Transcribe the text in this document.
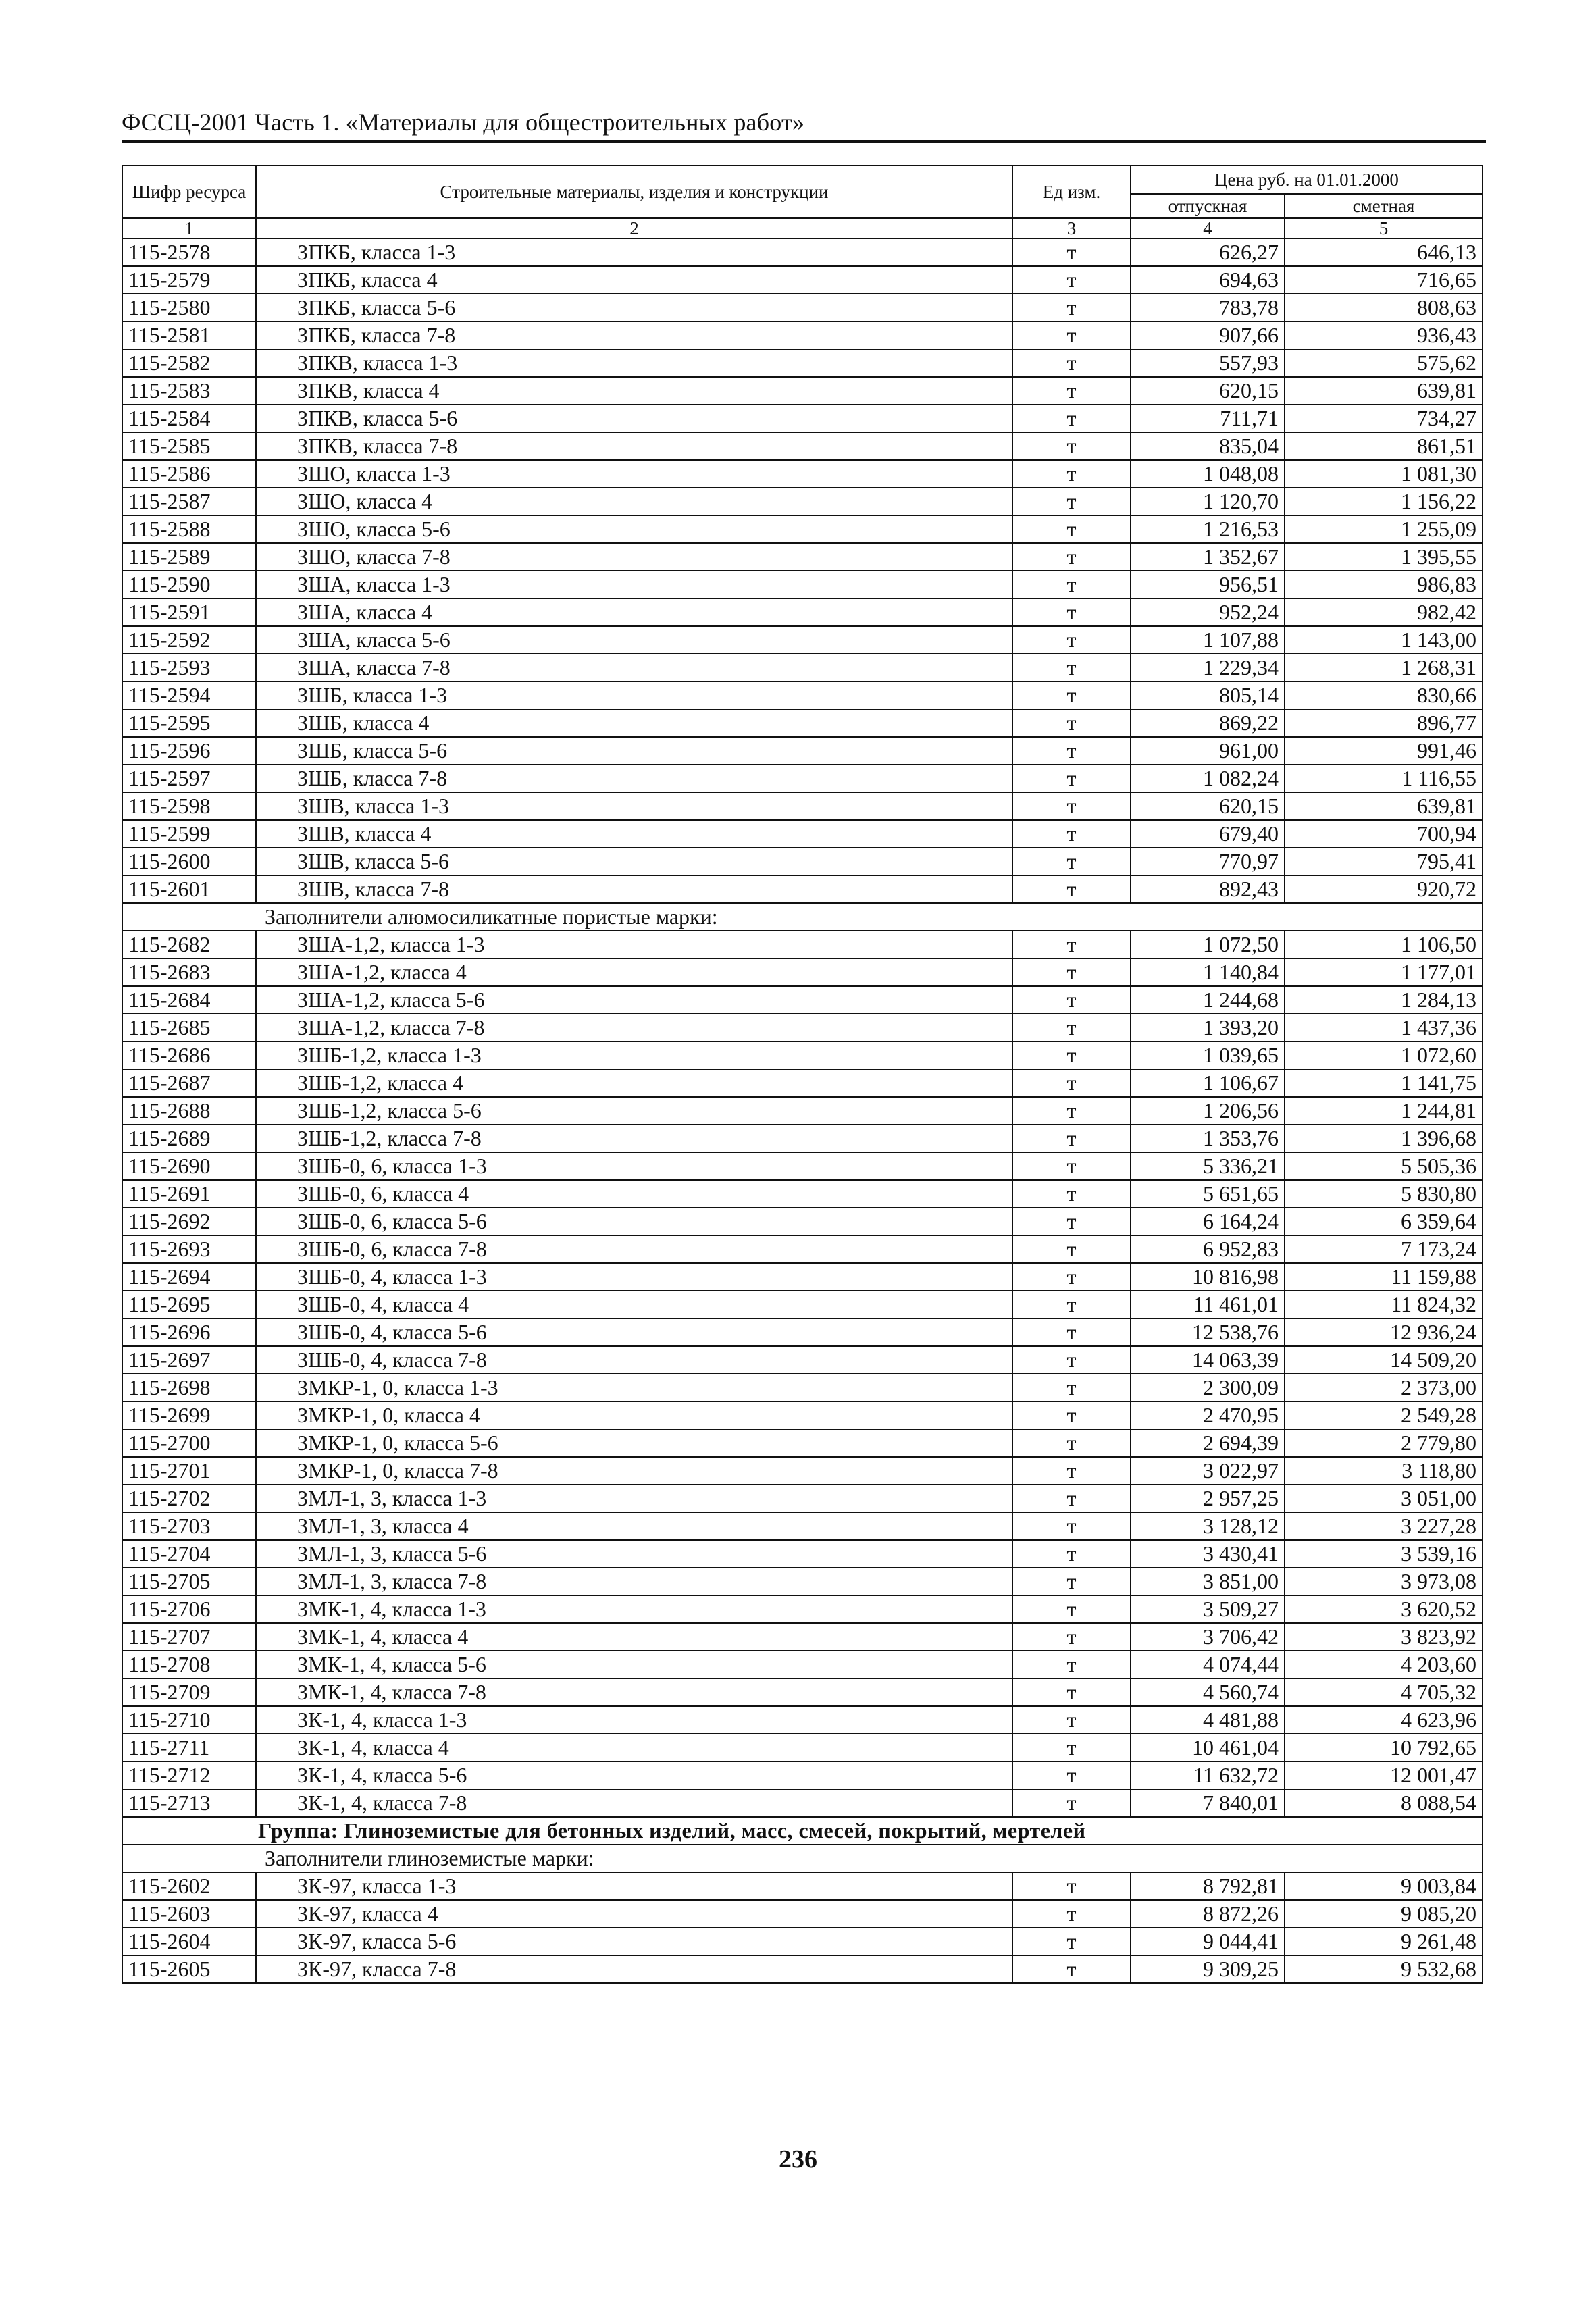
ФССЦ-2001 Часть 1. «Материалы для общестроительных работ»
Шифр ресурса	Строительные материалы, изделия и конструкции	Ед изм.	Цена руб. на 01.01.2000	
			отпускная	сметная
1	2	3	4	5
115-2578	ЗПКБ, класса 1-3	т	626,27	646,13
115-2579	ЗПКБ, класса 4	т	694,63	716,65
115-2580	ЗПКБ, класса 5-6	т	783,78	808,63
115-2581	ЗПКБ, класса 7-8	т	907,66	936,43
115-2582	ЗПКВ, класса 1-3	т	557,93	575,62
115-2583	ЗПКВ, класса 4	т	620,15	639,81
115-2584	ЗПКВ, класса 5-6	т	711,71	734,27
115-2585	ЗПКВ, класса 7-8	т	835,04	861,51
115-2586	ЗШО, класса 1-3	т	1 048,08	1 081,30
115-2587	ЗШО, класса 4	т	1 120,70	1 156,22
115-2588	ЗШО, класса 5-6	т	1 216,53	1 255,09
115-2589	ЗШО, класса 7-8	т	1 352,67	1 395,55
115-2590	ЗША, класса 1-3	т	956,51	986,83
115-2591	ЗША, класса 4	т	952,24	982,42
115-2592	ЗША, класса 5-6	т	1 107,88	1 143,00
115-2593	ЗША, класса 7-8	т	1 229,34	1 268,31
115-2594	ЗШБ, класса 1-3	т	805,14	830,66
115-2595	ЗШБ, класса 4	т	869,22	896,77
115-2596	ЗШБ, класса 5-6	т	961,00	991,46
115-2597	ЗШБ, класса 7-8	т	1 082,24	1 116,55
115-2598	ЗШВ, класса 1-3	т	620,15	639,81
115-2599	ЗШВ, класса 4	т	679,40	700,94
115-2600	ЗШВ, класса 5-6	т	770,97	795,41
115-2601	ЗШВ, класса 7-8	т	892,43	920,72
Заполнители алюмосиликатные пористые марки:				
115-2682	ЗША-1,2, класса 1-3	т	1 072,50	1 106,50
115-2683	ЗША-1,2, класса 4	т	1 140,84	1 177,01
115-2684	ЗША-1,2, класса 5-6	т	1 244,68	1 284,13
115-2685	ЗША-1,2, класса 7-8	т	1 393,20	1 437,36
115-2686	ЗШБ-1,2, класса 1-3	т	1 039,65	1 072,60
115-2687	ЗШБ-1,2, класса 4	т	1 106,67	1 141,75
115-2688	ЗШБ-1,2, класса 5-6	т	1 206,56	1 244,81
115-2689	ЗШБ-1,2, класса 7-8	т	1 353,76	1 396,68
115-2690	ЗШБ-0, 6, класса 1-3	т	5 336,21	5 505,36
115-2691	ЗШБ-0, 6, класса 4	т	5 651,65	5 830,80
115-2692	ЗШБ-0, 6, класса 5-6	т	6 164,24	6 359,64
115-2693	ЗШБ-0, 6, класса 7-8	т	6 952,83	7 173,24
115-2694	ЗШБ-0, 4, класса 1-3	т	10 816,98	11 159,88
115-2695	ЗШБ-0, 4, класса 4	т	11 461,01	11 824,32
115-2696	ЗШБ-0, 4, класса 5-6	т	12 538,76	12 936,24
115-2697	ЗШБ-0, 4, класса 7-8	т	14 063,39	14 509,20
115-2698	ЗМКР-1, 0, класса 1-3	т	2 300,09	2 373,00
115-2699	ЗМКР-1, 0, класса 4	т	2 470,95	2 549,28
115-2700	ЗМКР-1, 0, класса 5-6	т	2 694,39	2 779,80
115-2701	ЗМКР-1, 0, класса 7-8	т	3 022,97	3 118,80
115-2702	ЗМЛ-1, 3, класса 1-3	т	2 957,25	3 051,00
115-2703	ЗМЛ-1, 3, класса 4	т	3 128,12	3 227,28
115-2704	ЗМЛ-1, 3, класса 5-6	т	3 430,41	3 539,16
115-2705	ЗМЛ-1, 3, класса 7-8	т	3 851,00	3 973,08
115-2706	ЗМК-1, 4, класса 1-3	т	3 509,27	3 620,52
115-2707	ЗМК-1, 4, класса 4	т	3 706,42	3 823,92
115-2708	ЗМК-1, 4, класса 5-6	т	4 074,44	4 203,60
115-2709	ЗМК-1, 4, класса 7-8	т	4 560,74	4 705,32
115-2710	ЗК-1, 4, класса 1-3	т	4 481,88	4 623,96
115-2711	ЗК-1, 4, класса 4	т	10 461,04	10 792,65
115-2712	ЗК-1, 4, класса 5-6	т	11 632,72	12 001,47
115-2713	ЗК-1, 4, класса 7-8	т	7 840,01	8 088,54
Группа: Глиноземистые для бетонных изделий, масс, смесей, покрытий, мертелей				
Заполнители глиноземистые марки:				
115-2602	ЗК-97, класса 1-3	т	8 792,81	9 003,84
115-2603	ЗК-97, класса 4	т	8 872,26	9 085,20
115-2604	ЗК-97, класса 5-6	т	9 044,41	9 261,48
115-2605	ЗК-97, класса 7-8	т	9 309,25	9 532,68
236
